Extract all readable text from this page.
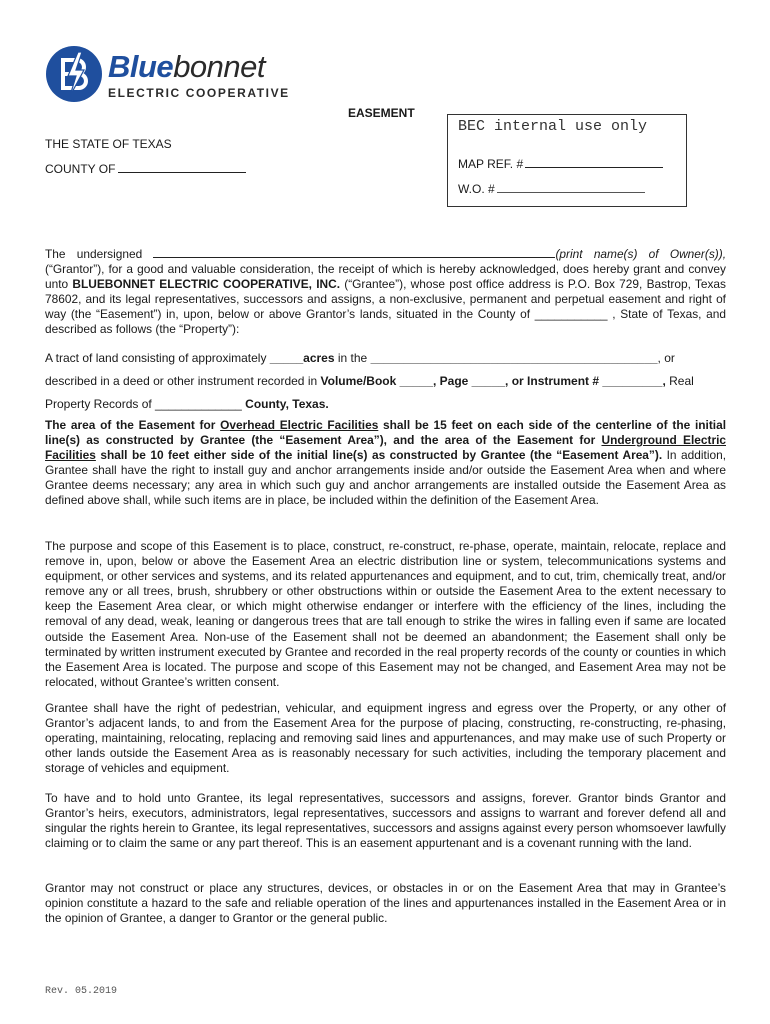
Bluebonnet
ELECTRIC COOPERATIVE
EASEMENT
THE STATE OF TEXAS
COUNTY OF
BEC internal use only
MAP REF. #
W.O. #
The undersigned	(print name(s) of Owner(s)), (“Grantor”), for a good and valuable consideration, the receipt of which is hereby acknowledged, does hereby grant and convey unto BLUEBONNET ELECTRIC COOPERATIVE, INC. (“Grantee”), whose post office address is P.O. Box 729, Bastrop, Texas 78602, and its legal representatives, successors and assigns, a non-exclusive, permanent and perpetual easement and right of way (the “Easement”) in, upon, below or above Grantor’s lands, situated in the County of ___________ , State of Texas, and described as follows (the “Property”):
A tract of land consisting of approximately _____acres in the ___________________________________________, or
described in a deed or other instrument recorded in Volume/Book _____, Page _____, or Instrument # _________, Real
Property Records of _____________ County, Texas.
The area of the Easement for Overhead Electric Facilities shall be 15 feet on each side of the centerline of the initial line(s) as constructed by Grantee (the “Easement Area”), and the area of the Easement for Underground Electric Facilities shall be 10 feet either side of the initial line(s) as constructed by Grantee (the “Easement Area”). In addition, Grantee shall have the right to install guy and anchor arrangements inside and/or outside the Easement Area when and where Grantee deems necessary; any area in which such guy and anchor arrangements are installed outside the Easement Area as defined above shall, while such items are in place, be included within the definition of the Easement Area.
The purpose and scope of this Easement is to place, construct, re-construct, re-phase, operate, maintain, relocate, replace and remove in, upon, below or above the Easement Area an electric distribution line or system, telecommunications systems and equipment, or other services and systems, and its related appurtenances and equipment, and to cut, trim, chemically treat, and/or remove any or all trees, brush, shrubbery or other obstructions within or outside the Easement Area to the extent necessary to keep the Easement Area clear, or which might otherwise endanger or interfere with the efficiency of the lines, including the removal of any dead, weak, leaning or dangerous trees that are tall enough to strike the wires in falling even if same are located outside the Easement Area. Non-use of the Easement shall not be deemed an abandonment; the Easement shall only be terminated by written instrument executed by Grantee and recorded in the real property records of the county or counties in which the Easement Area is located. The purpose and scope of this Easement may not be changed, and Easement Area may not be relocated, without Grantee’s written consent.
Grantee shall have the right of pedestrian, vehicular, and equipment ingress and egress over the Property, or any other of Grantor’s adjacent lands, to and from the Easement Area for the purpose of placing, constructing, re-constructing, re-phasing, operating, maintaining, relocating, replacing and removing said lines and appurtenances, and may make use of such Property or other lands outside the Easement Area as is reasonably necessary for such activities, including the temporary placement and storage of vehicles and equipment.
To have and to hold unto Grantee, its legal representatives, successors and assigns, forever. Grantor binds Grantor and Grantor’s heirs, executors, administrators, legal representatives, successors and assigns to warrant and forever defend all and singular the rights herein to Grantee, its legal representatives, successors and assigns against every person whomsoever lawfully claiming or to claim the same or any part thereof. This is an easement appurtenant and is a covenant running with the land.
Grantor may not construct or place any structures, devices, or obstacles in or on the Easement Area that may in Grantee’s opinion constitute a hazard to the safe and reliable operation of the lines and appurtenances installed in the Easement Area or in the opinion of Grantee, a danger to Grantor or the general public.
Rev. 05.2019
